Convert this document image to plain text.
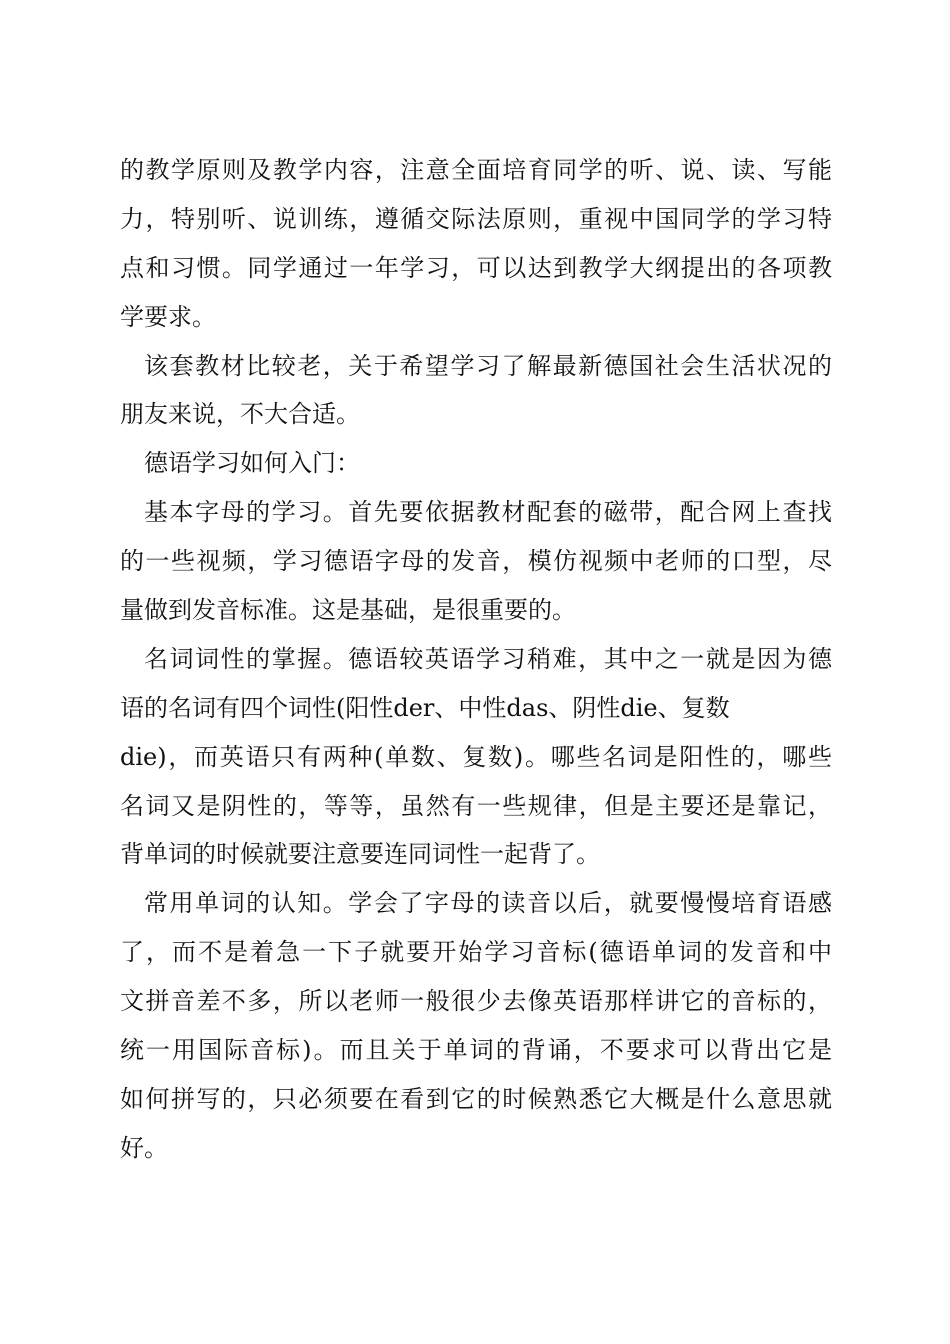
的教学原则及教学内容，注意全面培育同学的听、说、读、写能
力，特别听、说训练，遵循交际法原则，重视中国同学的学习特
点和习惯。同学通过一年学习，可以达到教学大纲提出的各项教
学要求。
该套教材比较老，关于希望学习了解最新德国社会生活状况的
朋友来说，不大合适。
德语学习如何入门：
基本字母的学习。首先要依据教材配套的磁带，配合网上查找
的一些视频，学习德语字母的发音，模仿视频中老师的口型，尽
量做到发音标准。这是基础，是很重要的。
名词词性的掌握。德语较英语学习稍难，其中之一就是因为德
语的名词有四个词性(阳性der、中性das、阴性die、复数
die)，而英语只有两种(单数、复数)。哪些名词是阳性的，哪些
名词又是阴性的，等等，虽然有一些规律，但是主要还是靠记，
背单词的时候就要注意要连同词性一起背了。
常用单词的认知。学会了字母的读音以后，就要慢慢培育语感
了，而不是着急一下子就要开始学习音标(德语单词的发音和中
文拼音差不多，所以老师一般很少去像英语那样讲它的音标的，
统一用国际音标)。而且关于单词的背诵，不要求可以背出它是
如何拼写的，只必须要在看到它的时候熟悉它大概是什么意思就
好。
